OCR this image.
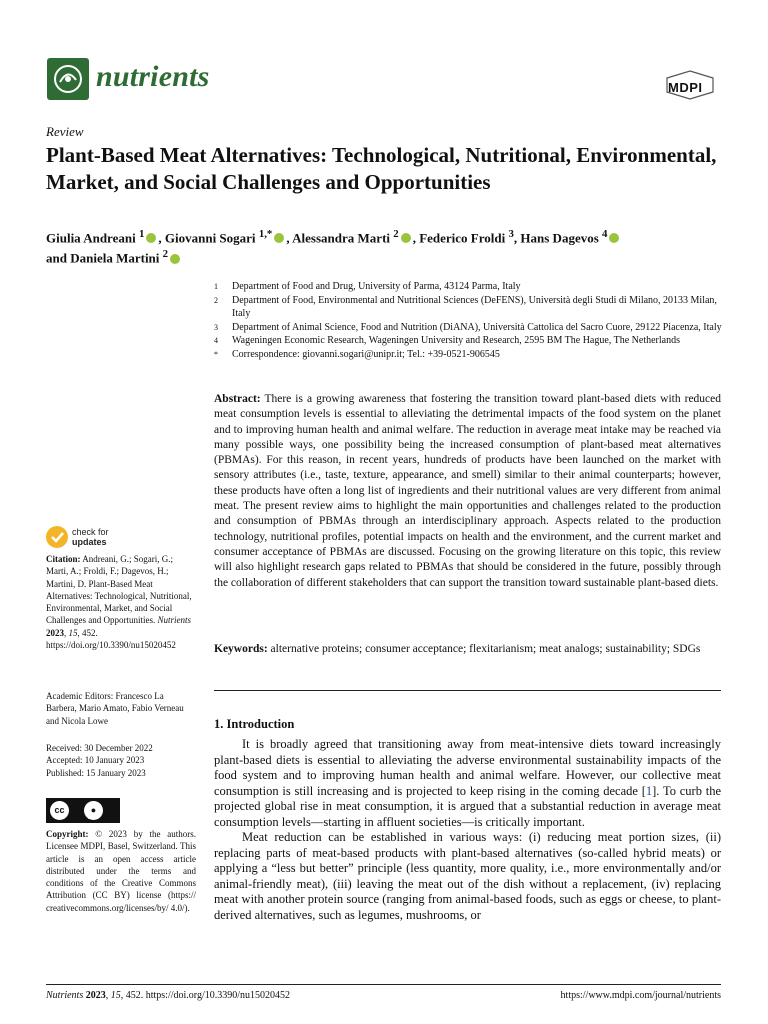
nutrients	MDPI
Review
Plant-Based Meat Alternatives: Technological, Nutritional, Environmental, Market, and Social Challenges and Opportunities
Giulia Andreani $^1$ , Giovanni Sogari $^{1,*}$ , Alessandra Marti $^2$ , Federico Froldi $^3$, Hans Dagevos $^4$
and Daniela Martini $^2$
1	Department of Food and Drug, University of Parma, 43124 Parma, Italy
2	Department of Food, Environmental and Nutritional Sciences (DeFENS), Università degli Studi di Milano, 20133 Milan, Italy
3	Department of Animal Science, Food and Nutrition (DiANA), Università Cattolica del Sacro Cuore, 29122 Piacenza, Italy
4	Wageningen Economic Research, Wageningen University and Research, 2595 BM The Hague, The Netherlands
*	Correspondence: giovanni.sogari@unipr.it; Tel.: +39-0521-906545
Abstract: There is a growing awareness that fostering the transition toward plant-based diets with reduced meat consumption levels is essential to alleviating the detrimental impacts of the food system on the planet and to improving human health and animal welfare. The reduction in average meat intake may be reached via many possible ways, one possibility being the increased consumption of plant-based meat alternatives (PBMAs). For this reason, in recent years, hundreds of products have been launched on the market with sensory attributes (i.e., taste, texture, appearance, and smell) similar to their animal counterparts; however, these products have often a long list of ingredients and their nutritional values are very different from animal meat. The present review aims to highlight the main opportunities and challenges related to the production and consumption of PBMAs through an interdisciplinary approach. Aspects related to the production technology, nutritional profiles, potential impacts on health and the environment, and the current market and consumer acceptance of PBMAs are discussed. Focusing on the growing literature on this topic, this review will also highlight research gaps related to PBMAs that should be considered in the future, possibly through the collaboration of different stakeholders that can support the transition toward sustainable plant-based diets.
Keywords: alternative proteins; consumer acceptance; flexitarianism; meat analogs; sustainability; SDGs
check for
updates
Citation: Andreani, G.; Sogari, G.; Marti, A.; Froldi, F.; Dagevos, H.; Martini, D. Plant-Based Meat Alternatives: Technological, Nutritional, Environmental, Market, and Social Challenges and Opportunities. Nutrients 2023, 15, 452. https://doi.org/10.3390/nu15020452
Academic Editors: Francesco La Barbera, Mario Amato, Fabio Verneau and Nicola Lowe
Received: 30 December 2022
Accepted: 10 January 2023
Published: 15 January 2023
cc	●
BY
Copyright: © 2023 by the authors. Licensee MDPI, Basel, Switzerland. This article is an open access article distributed under the terms and conditions of the Creative Commons Attribution (CC BY) license (https:// creativecommons.org/licenses/by/ 4.0/).
1. Introduction

It is broadly agreed that transitioning away from meat-intensive diets toward increasingly plant-based diets is essential to alleviating the adverse environmental sustainability impacts of the food system and to improving human health and animal welfare. However, our collective meat consumption is still increasing and is projected to keep rising in the coming decade [1]. To curb the projected global rise in meat consumption, it is argued that a substantial reduction in average meat consumption levels—starting in affluent societies—is critically important.

Meat reduction can be established in various ways: (i) reducing meat portion sizes, (ii) replacing parts of meat-based products with plant-based alternatives (so-called hybrid meats) or applying a “less but better” principle (less quantity, more quality, i.e., more environmentally and/or animal-friendly meat), (iii) leaving the meat out of the dish without a replacement, (iv) replacing meat with another protein source (ranging from animal-based foods, such as eggs or cheese, to plant-derived alternatives, such as legumes, mushrooms, or

Nutrients 2023, 15, 452. https://doi.org/10.3390/nu15020452	https://www.mdpi.com/journal/nutrients
